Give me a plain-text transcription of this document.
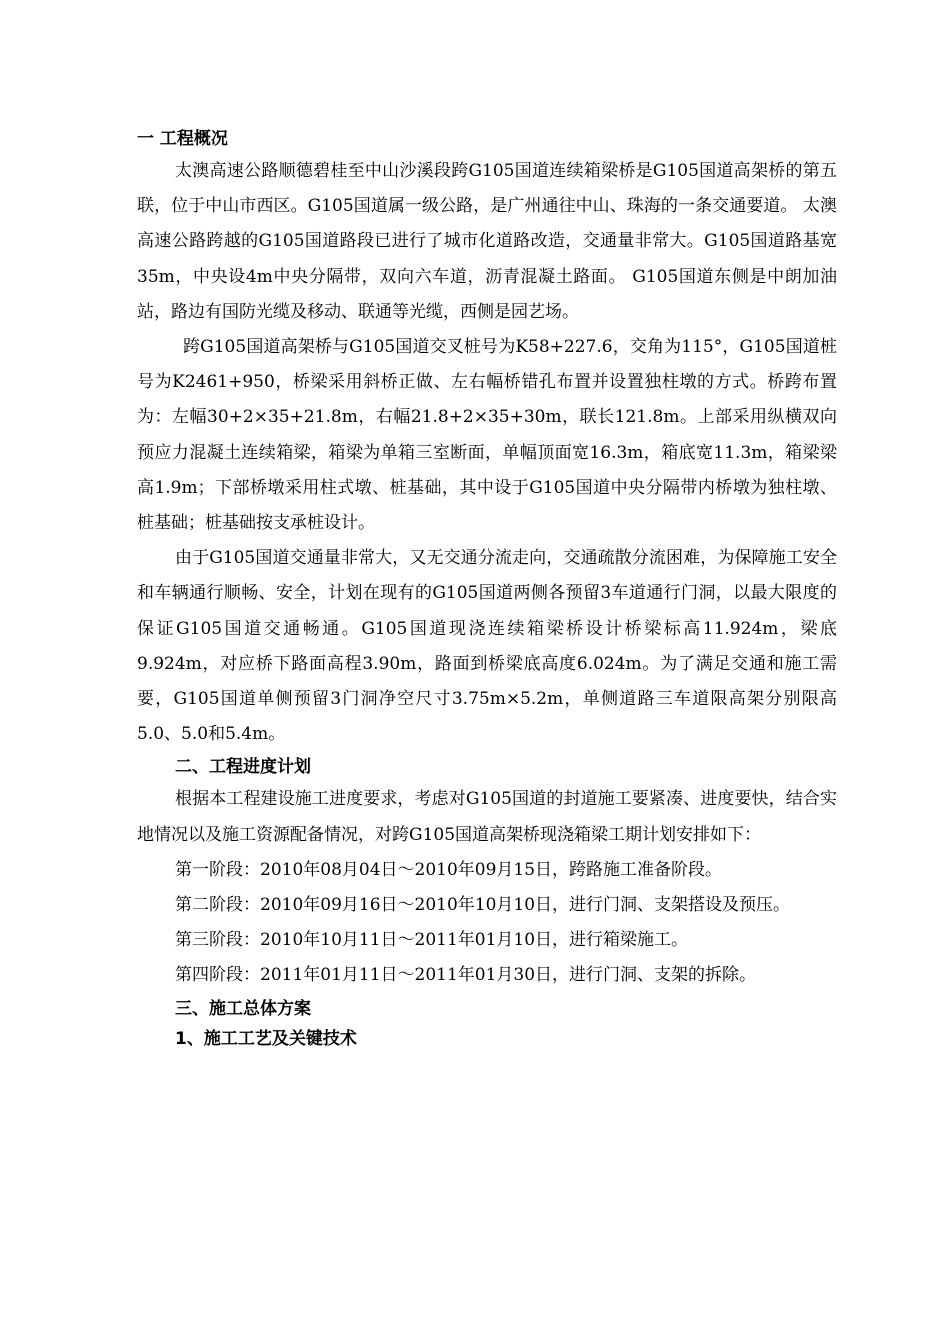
一 工程概况

太澳高速公路顺德碧桂至中山沙溪段跨G105国道连续箱梁桥是G105国道高架桥的第五联，位于中山市西区。G105国道属一级公路，是广州通往中山、珠海的一条交通要道。 太澳高速公路跨越的G105国道路段已进行了城市化道路改造，交通量非常大。G105国道路基宽35m，中央设4m中央分隔带，双向六车道，沥青混凝土路面。 G105国道东侧是中朗加油站，路边有国防光缆及移动、联通等光缆，西侧是园艺场。

跨G105国道高架桥与G105国道交叉桩号为K58+227.6，交角为115°，G105国道桩号为K2461+950，桥梁采用斜桥正做、左右幅桥错孔布置并设置独柱墩的方式。桥跨布置为：左幅30+2×35+21.8m，右幅21.8+2×35+30m，联长121.8m。上部采用纵横双向预应力混凝土连续箱梁，箱梁为单箱三室断面，单幅顶面宽16.3m，箱底宽11.3m，箱梁梁高1.9m；下部桥墩采用柱式墩、桩基础，其中设于G105国道中央分隔带内桥墩为独柱墩、桩基础；桩基础按支承桩设计。

由于G105国道交通量非常大，又无交通分流走向，交通疏散分流困难，为保障施工安全和车辆通行顺畅、安全，计划在现有的G105国道两侧各预留3车道通行门洞，以最大限度的保证G105国道交通畅通。G105国道现浇连续箱梁桥设计桥梁标高11.924m，梁底9.924m，对应桥下路面高程3.90m，路面到桥梁底高度6.024m。为了满足交通和施工需要，G105国道单侧预留3门洞净空尺寸3.75m×5.2m，单侧道路三车道限高架分别限高5.0、5.0和5.4m。

二、工程进度计划

根据本工程建设施工进度要求，考虑对G105国道的封道施工要紧凑、进度要快，结合实地情况以及施工资源配备情况，对跨G105国道高架桥现浇箱梁工期计划安排如下：

第一阶段：2010年08月04日～2010年09月15日，跨路施工准备阶段。

第二阶段：2010年09月16日～2010年10月10日，进行门洞、支架搭设及预压。

第三阶段：2010年10月11日～2011年01月10日，进行箱梁施工。

第四阶段：2011年01月11日～2011年01月30日，进行门洞、支架的拆除。

三、施工总体方案
1、施工工艺及关键技术
